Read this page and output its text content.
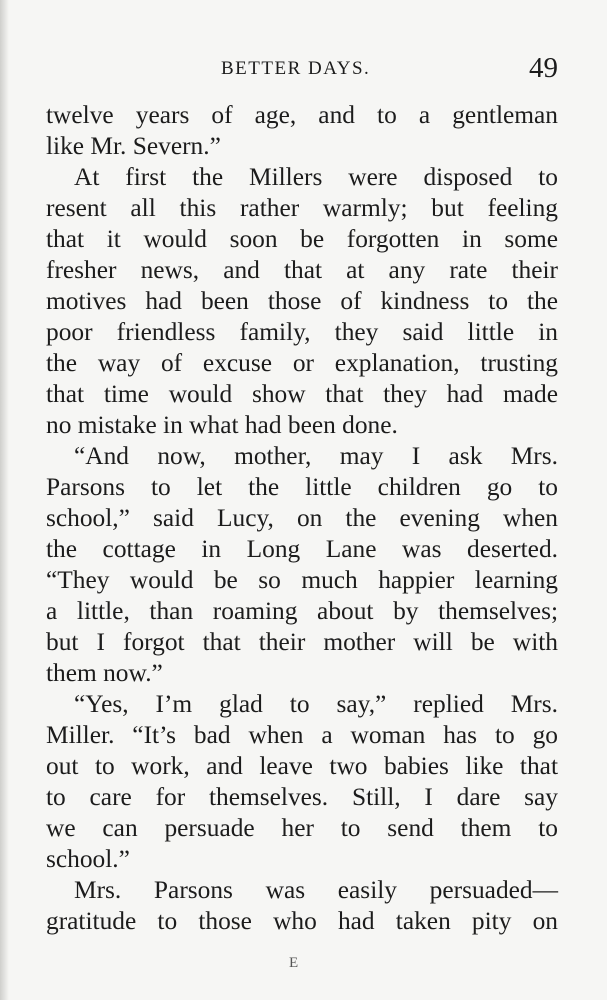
BETTER DAYS.	49
twelve years of age, and to a gentleman
like Mr. Severn.”
At first the Millers were disposed to
resent all this rather warmly; but feeling
that it would soon be forgotten in some
fresher news, and that at any rate their
motives had been those of kindness to the
poor friendless family, they said little in
the way of excuse or explanation, trusting
that time would show that they had made
no mistake in what had been done.
“And now, mother, may I ask Mrs.
Parsons to let the little children go to
school,” said Lucy, on the evening when
the cottage in Long Lane was deserted.
“They would be so much happier learning
a little, than roaming about by themselves;
but I forgot that their mother will be with
them now.”
“Yes, I’m glad to say,” replied Mrs.
Miller. “It’s bad when a woman has to go
out to work, and leave two babies like that
to care for themselves. Still, I dare say
we can persuade her to send them to
school.”
Mrs. Parsons was easily persuaded—
gratitude to those who had taken pity on
E
